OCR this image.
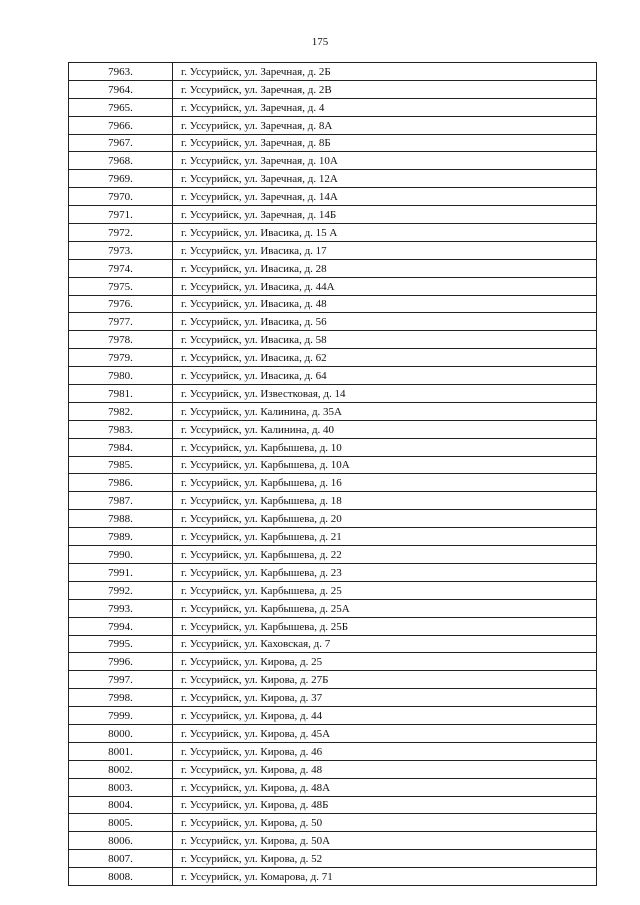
175
7963.	г. Уссурийск, ул. Заречная, д. 2Б
7964.	г. Уссурийск, ул. Заречная, д. 2В
7965.	г. Уссурийск, ул. Заречная, д. 4
7966.	г. Уссурийск, ул. Заречная, д. 8А
7967.	г. Уссурийск, ул. Заречная, д. 8Б
7968.	г. Уссурийск, ул. Заречная, д. 10А
7969.	г. Уссурийск, ул. Заречная, д. 12А
7970.	г. Уссурийск, ул. Заречная, д. 14А
7971.	г. Уссурийск, ул. Заречная, д. 14Б
7972.	г. Уссурийск, ул. Ивасика, д. 15 А
7973.	г. Уссурийск, ул. Ивасика, д. 17
7974.	г. Уссурийск, ул. Ивасика, д. 28
7975.	г. Уссурийск, ул. Ивасика, д. 44А
7976.	г. Уссурийск, ул. Ивасика, д. 48
7977.	г. Уссурийск, ул. Ивасика, д. 56
7978.	г. Уссурийск, ул. Ивасика, д. 58
7979.	г. Уссурийск, ул. Ивасика, д. 62
7980.	г. Уссурийск, ул. Ивасика, д. 64
7981.	г. Уссурийск, ул. Известковая, д. 14
7982.	г. Уссурийск, ул. Калинина, д. 35А
7983.	г. Уссурийск, ул. Калинина, д. 40
7984.	г. Уссурийск, ул. Карбышева, д. 10
7985.	г. Уссурийск, ул. Карбышева, д. 10А
7986.	г. Уссурийск, ул. Карбышева, д. 16
7987.	г. Уссурийск, ул. Карбышева, д. 18
7988.	г. Уссурийск, ул. Карбышева, д. 20
7989.	г. Уссурийск, ул. Карбышева, д. 21
7990.	г. Уссурийск, ул. Карбышева, д. 22
7991.	г. Уссурийск, ул. Карбышева, д. 23
7992.	г. Уссурийск, ул. Карбышева, д. 25
7993.	г. Уссурийск, ул. Карбышева, д. 25А
7994.	г. Уссурийск, ул. Карбышева, д. 25Б
7995.	г. Уссурийск, ул. Каховская, д. 7
7996.	г. Уссурийск, ул. Кирова, д. 25
7997.	г. Уссурийск, ул. Кирова, д. 27Б
7998.	г. Уссурийск, ул. Кирова, д. 37
7999.	г. Уссурийск, ул. Кирова, д. 44
8000.	г. Уссурийск, ул. Кирова, д. 45А
8001.	г. Уссурийск, ул. Кирова, д. 46
8002.	г. Уссурийск, ул. Кирова, д. 48
8003.	г. Уссурийск, ул. Кирова, д. 48А
8004.	г. Уссурийск, ул. Кирова, д. 48Б
8005.	г. Уссурийск, ул. Кирова, д. 50
8006.	г. Уссурийск, ул. Кирова, д. 50А
8007.	г. Уссурийск, ул. Кирова, д. 52
8008.	г. Уссурийск, ул. Комарова, д. 71
